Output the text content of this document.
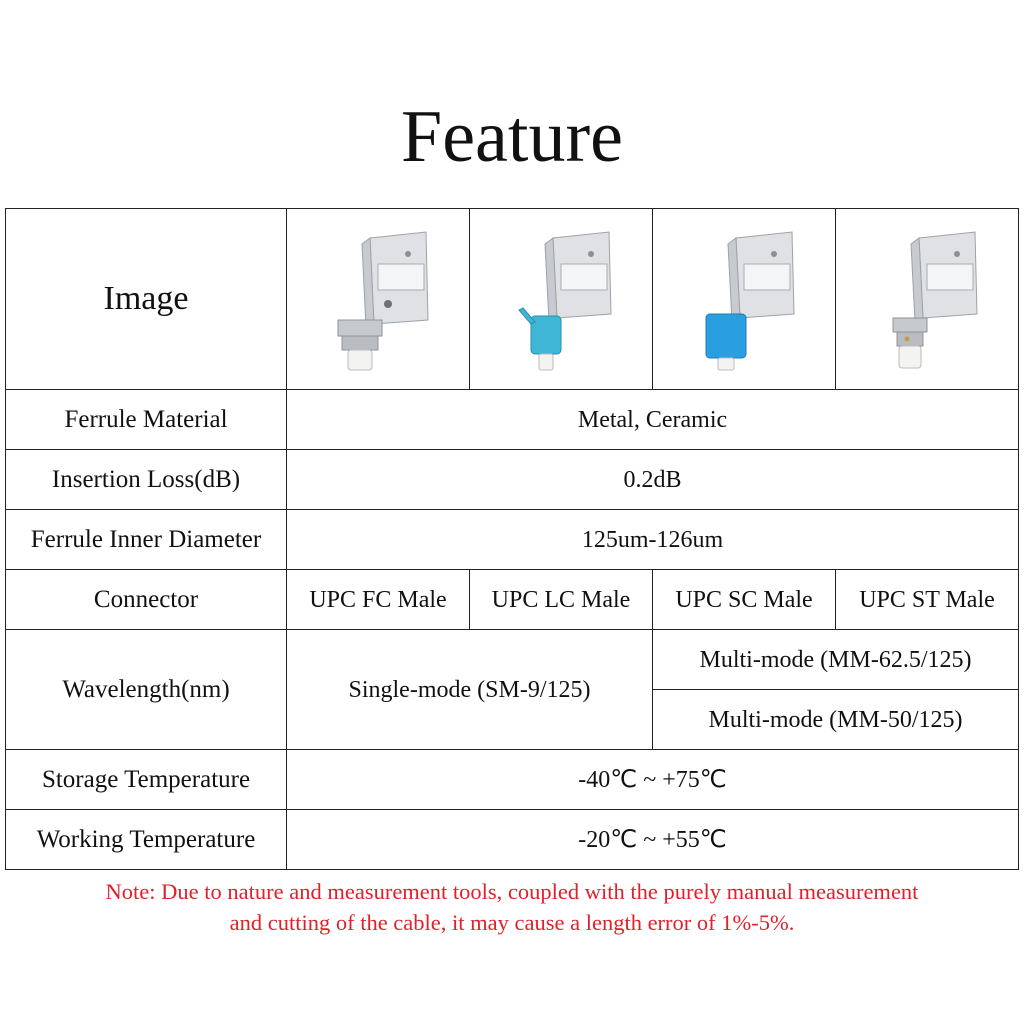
Feature
Image	

Ferrule Material	Metal, Ceramic			
Insertion Loss(dB)	0.2dB			
Ferrule Inner Diameter	125um-126um			
Connector	UPC FC Male	UPC LC Male	UPC SC Male	UPC ST Male
Wavelength(nm)	Single-mode (SM-9/125)		Multi-mode (MM-62.5/125)	
			Multi-mode (MM-50/125)	
Storage Temperature	-40℃ ~ +75℃			
Working Temperature	-20℃ ~ +55℃			
Note: Due to nature and measurement tools, coupled with the purely manual measurement
and cutting of the cable, it may cause a length error of 1%-5%.
